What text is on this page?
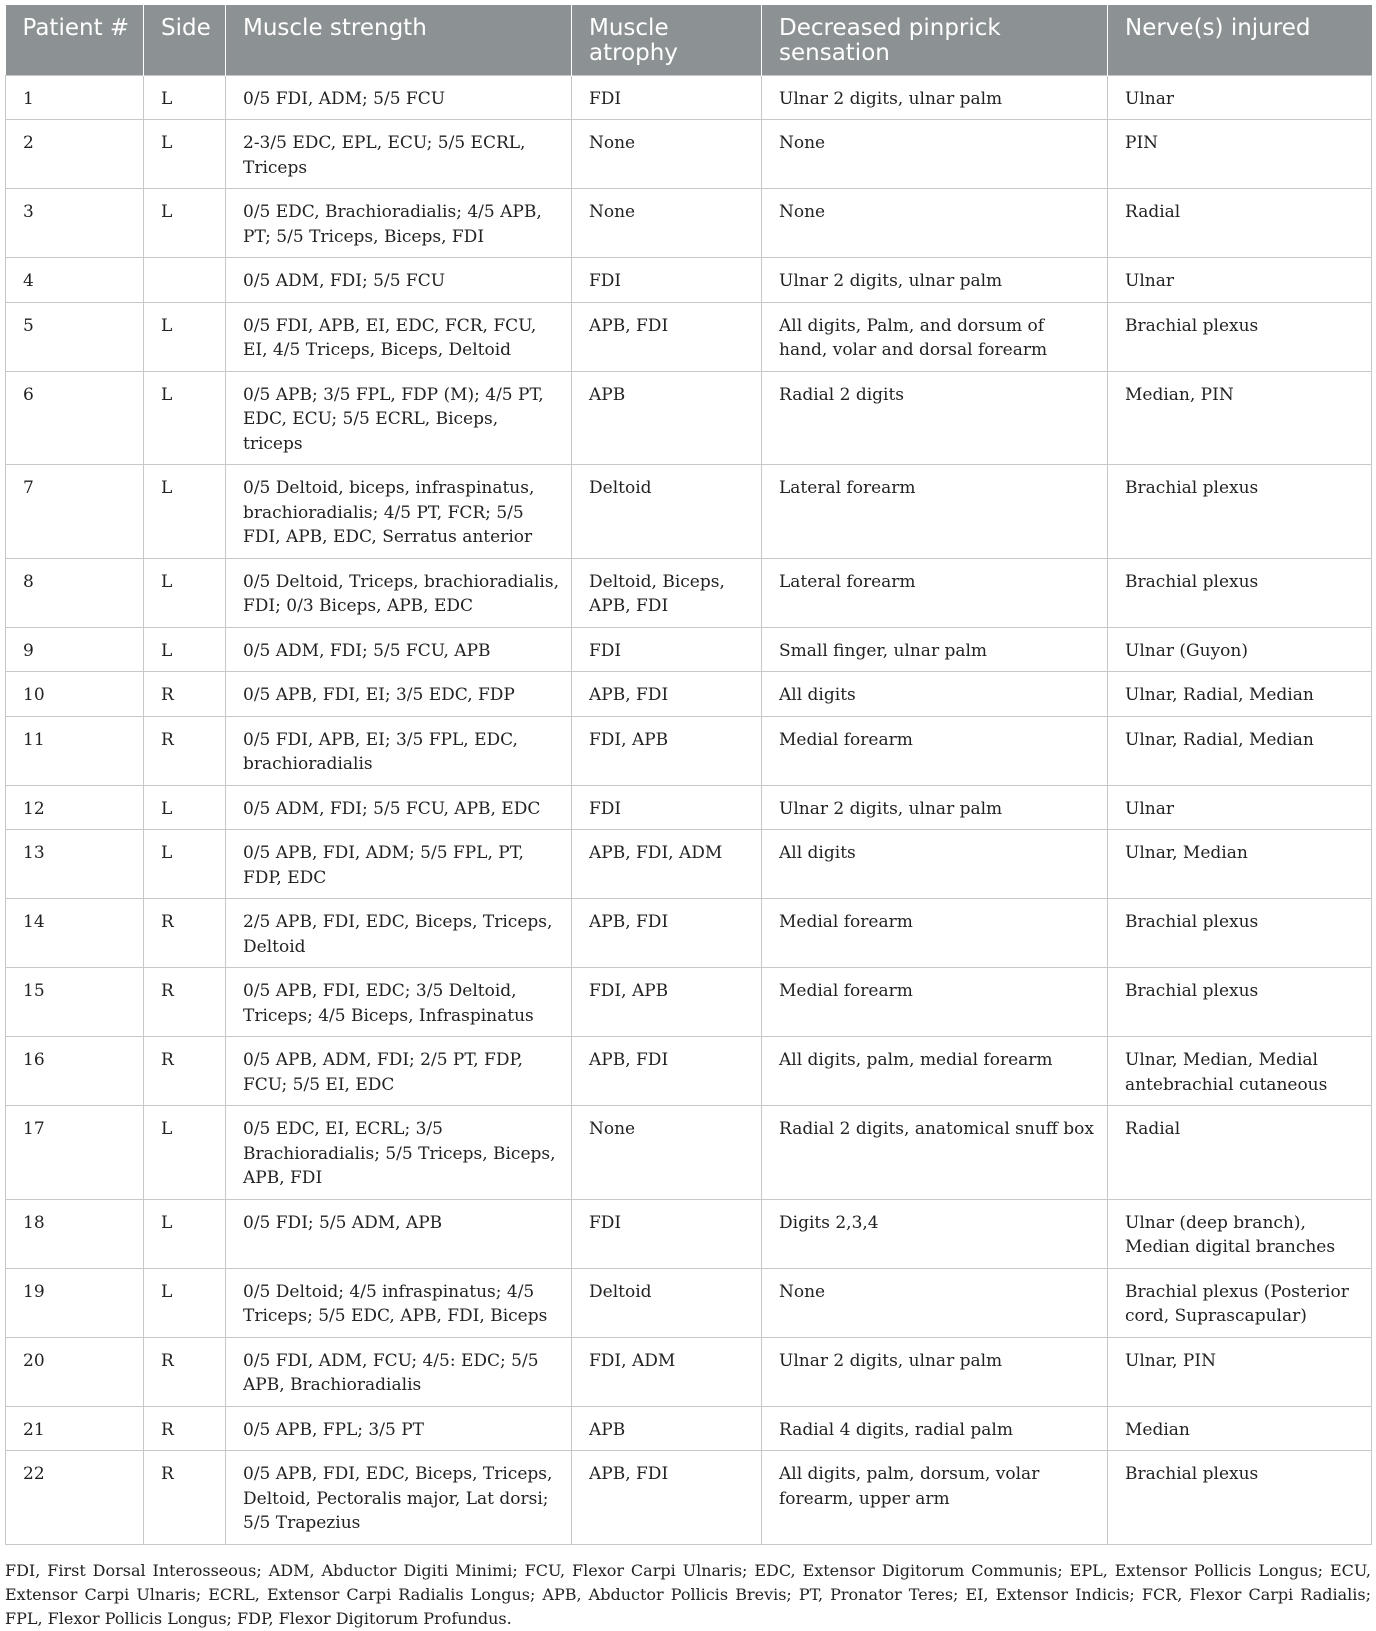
Patient #	Side	Muscle strength	Muscle atrophy	Decreased pinprick sensation	Nerve(s) injured
1	L	0/5 FDI, ADM; 5/5 FCU	FDI	Ulnar 2 digits, ulnar palm	Ulnar
2	L	2-3/5 EDC, EPL, ECU; 5/5 ECRL, Triceps	None	None	PIN
3	L	0/5 EDC, Brachioradialis; 4/5 APB, PT; 5/5 Triceps, Biceps, FDI	None	None	Radial
4		0/5 ADM, FDI; 5/5 FCU	FDI	Ulnar 2 digits, ulnar palm	Ulnar
5	L	0/5 FDI, APB, EI, EDC, FCR, FCU, EI, 4/5 Triceps, Biceps, Deltoid	APB, FDI	All digits, Palm, and dorsum of hand, volar and dorsal forearm	Brachial plexus
6	L	0/5 APB; 3/5 FPL, FDP (M); 4/5 PT, EDC, ECU; 5/5 ECRL, Biceps, triceps	APB	Radial 2 digits	Median, PIN
7	L	0/5 Deltoid, biceps, infraspinatus, brachioradialis; 4/5 PT, FCR; 5/5 FDI, APB, EDC, Serratus anterior	Deltoid	Lateral forearm	Brachial plexus
8	L	0/5 Deltoid, Triceps, brachioradialis, FDI; 0/3 Biceps, APB, EDC	Deltoid, Biceps, APB, FDI	Lateral forearm	Brachial plexus
9	L	0/5 ADM, FDI; 5/5 FCU, APB	FDI	Small finger, ulnar palm	Ulnar (Guyon)
10	R	0/5 APB, FDI, EI; 3/5 EDC, FDP	APB, FDI	All digits	Ulnar, Radial, Median
11	R	0/5 FDI, APB, EI; 3/5 FPL, EDC, brachioradialis	FDI, APB	Medial forearm	Ulnar, Radial, Median
12	L	0/5 ADM, FDI; 5/5 FCU, APB, EDC	FDI	Ulnar 2 digits, ulnar palm	Ulnar
13	L	0/5 APB, FDI, ADM; 5/5 FPL, PT, FDP, EDC	APB, FDI, ADM	All digits	Ulnar, Median
14	R	2/5 APB, FDI, EDC, Biceps, Triceps, Deltoid	APB, FDI	Medial forearm	Brachial plexus
15	R	0/5 APB, FDI, EDC; 3/5 Deltoid, Triceps; 4/5 Biceps, Infraspinatus	FDI, APB	Medial forearm	Brachial plexus
16	R	0/5 APB, ADM, FDI; 2/5 PT, FDP, FCU; 5/5 EI, EDC	APB, FDI	All digits, palm, medial forearm	Ulnar, Median, Medial antebrachial cutaneous
17	L	0/5 EDC, EI, ECRL; 3/5 Brachioradialis; 5/5 Triceps, Biceps, APB, FDI	None	Radial 2 digits, anatomical snuff box	Radial
18	L	0/5 FDI; 5/5 ADM, APB	FDI	Digits 2,3,4	Ulnar (deep branch), Median digital branches
19	L	0/5 Deltoid; 4/5 infraspinatus; 4/5 Triceps; 5/5 EDC, APB, FDI, Biceps	Deltoid	None	Brachial plexus (Posterior cord, Suprascapular)
20	R	0/5 FDI, ADM, FCU; 4/5: EDC; 5/5 APB, Brachioradialis	FDI, ADM	Ulnar 2 digits, ulnar palm	Ulnar, PIN
21	R	0/5 APB, FPL; 3/5 PT	APB	Radial 4 digits, radial palm	Median
22	R	0/5 APB, FDI, EDC, Biceps, Triceps, Deltoid, Pectoralis major, Lat dorsi; 5/5 Trapezius	APB, FDI	All digits, palm, dorsum, volar forearm, upper arm	Brachial plexus
FDI, First Dorsal Interosseous; ADM, Abductor Digiti Minimi; FCU, Flexor Carpi Ulnaris; EDC, Extensor Digitorum Communis; EPL, Extensor Pollicis Longus; ECU, Extensor Carpi Ulnaris; ECRL, Extensor Carpi Radialis Longus; APB, Abductor Pollicis Brevis; PT, Pronator Teres; EI, Extensor Indicis; FCR, Flexor Carpi Radialis; FPL, Flexor Pollicis Longus; FDP, Flexor Digitorum Profundus.
